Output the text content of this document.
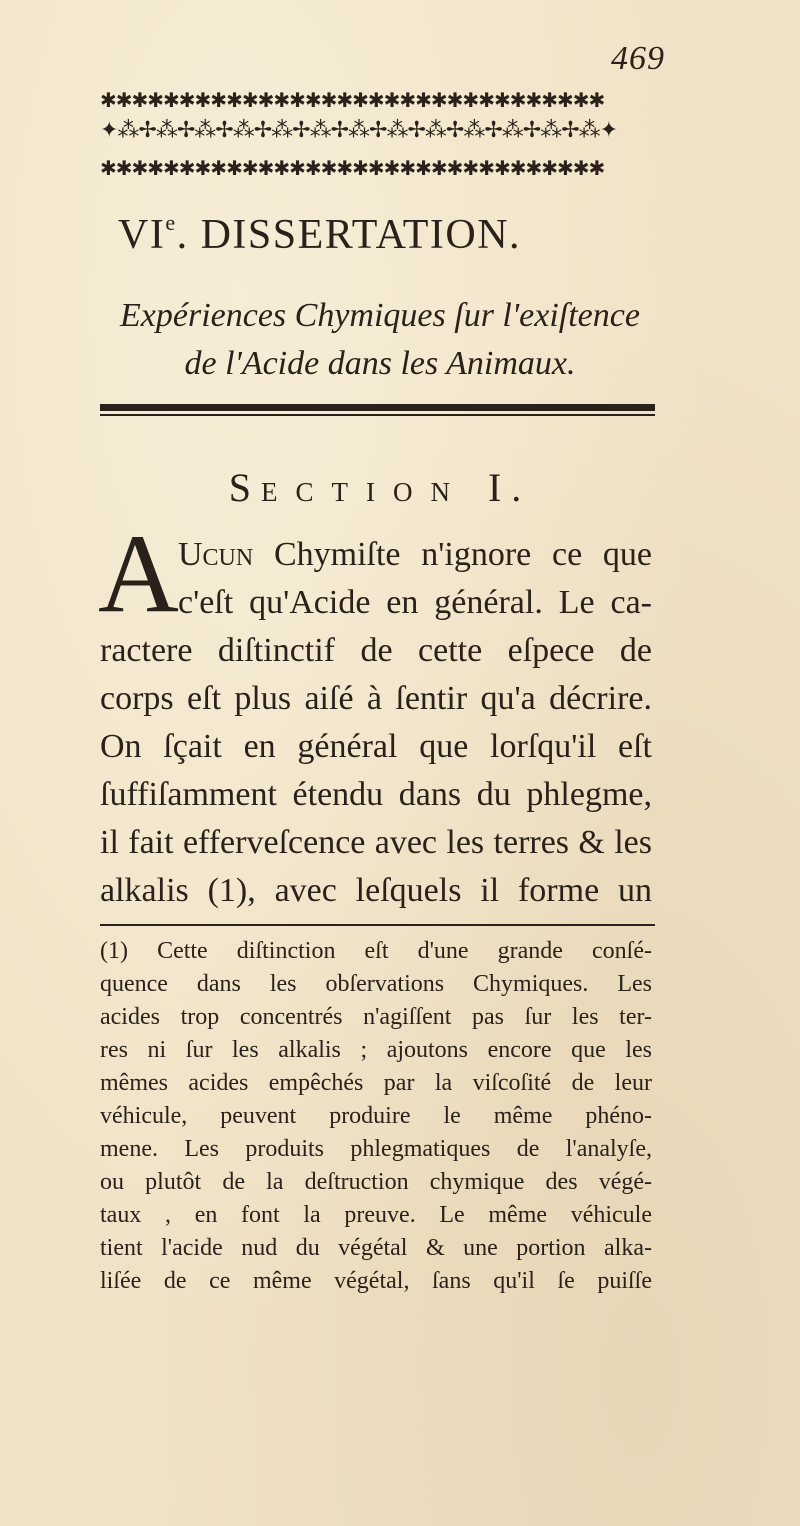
469
✱✱✱✱✱✱✱✱✱✱✱✱✱✱✱✱✱✱✱✱✱✱✱✱✱✱✱✱✱✱✱✱
✦⁂✢⁂✢⁂✢⁂✢⁂✢⁂✢⁂✢⁂✢⁂✢⁂✢⁂✢⁂✢⁂✦
✱✱✱✱✱✱✱✱✱✱✱✱✱✱✱✱✱✱✱✱✱✱✱✱✱✱✱✱✱✱✱✱
VIe. DISSERTATION.
Expériences Chymiques ſur l'exiſtence
de l'Acide dans les Animaux.
SECTION I.
A Ucun Chymiſte n'ignore ce que
c'eſt qu'Acide en général. Le ca-
ractere diſtinctif de cette eſpece de
corps eſt plus aiſé à ſentir qu'a décrire.
On ſçait en général que lorſqu'il eſt
ſuffiſamment étendu dans du phlegme,
il fait efferveſcence avec les terres & les
alkalis (1), avec leſquels il forme un
(1) Cette diſtinction eſt d'une grande conſé-
quence dans les obſervations Chymiques. Les
acides trop concentrés n'agiſſent pas ſur les ter-
res ni ſur les alkalis ; ajoutons encore que les
mêmes acides empêchés par la viſcoſité de leur
véhicule, peuvent produire le même phéno-
mene. Les produits phlegmatiques de l'analyſe,
ou plutôt de la deſtruction chymique des végé-
taux , en font la preuve. Le même véhicule
tient l'acide nud du végétal & une portion alka-
liſée de ce même végétal, ſans qu'il ſe puiſſe
